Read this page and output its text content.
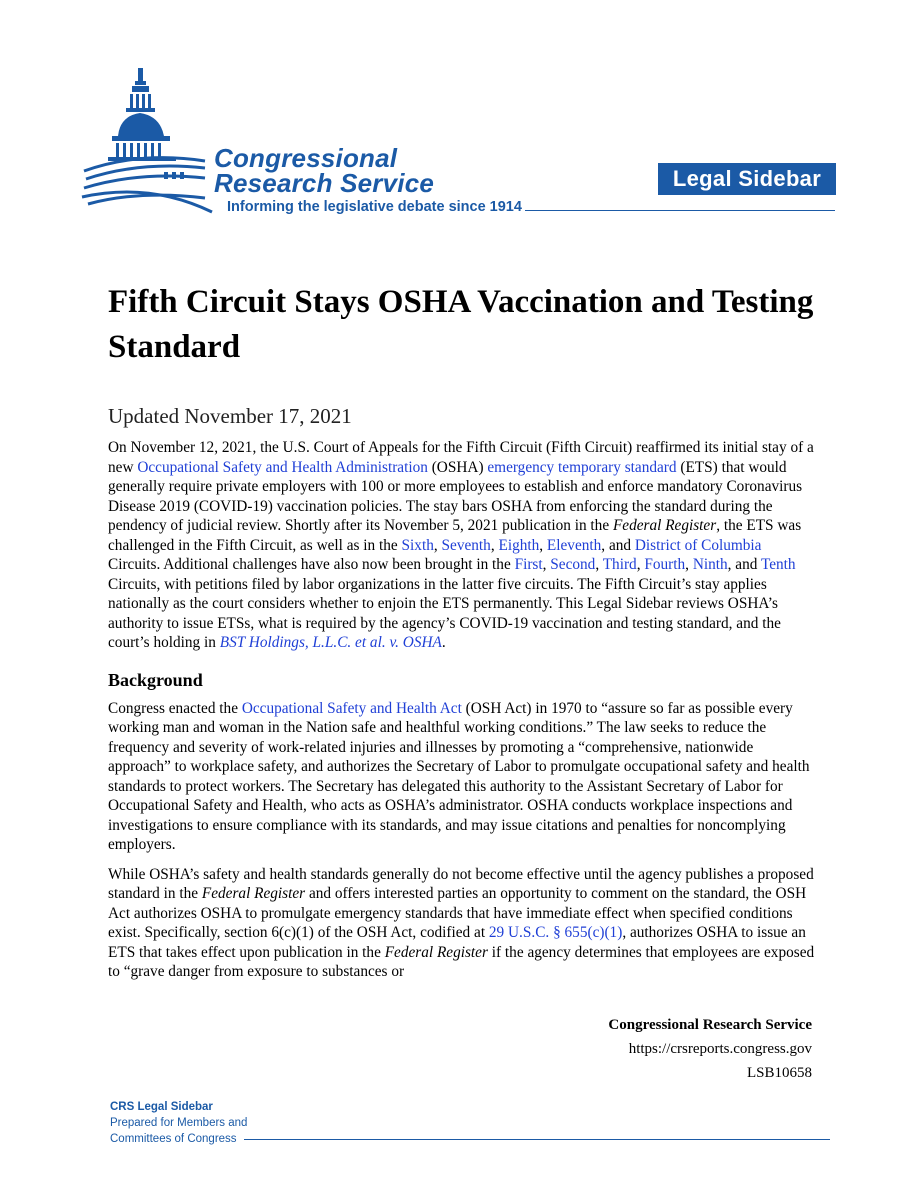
Congressional
Research Service
Informing the legislative debate since 1914
Legal Sidebar
Fifth Circuit Stays OSHA Vaccination and Testing Standard
Updated November 17, 2021

On November 12, 2021, the U.S. Court of Appeals for the Fifth Circuit (Fifth Circuit) reaffirmed its initial stay of a new Occupational Safety and Health Administration (OSHA) emergency temporary standard (ETS) that would generally require private employers with 100 or more employees to establish and enforce mandatory Coronavirus Disease 2019 (COVID-19) vaccination policies. The stay bars OSHA from enforcing the standard during the pendency of judicial review. Shortly after its November 5, 2021 publication in the Federal Register, the ETS was challenged in the Fifth Circuit, as well as in the Sixth, Seventh, Eighth, Eleventh, and District of Columbia Circuits. Additional challenges have also now been brought in the First, Second, Third, Fourth, Ninth, and Tenth Circuits, with petitions filed by labor organizations in the latter five circuits. The Fifth Circuit’s stay applies nationally as the court considers whether to enjoin the ETS permanently. This Legal Sidebar reviews OSHA’s authority to issue ETSs, what is required by the agency’s COVID-19 vaccination and testing standard, and the court’s holding in BST Holdings, L.L.C. et al. v. OSHA.

Background

Congress enacted the Occupational Safety and Health Act (OSH Act) in 1970 to “assure so far as possible every working man and woman in the Nation safe and healthful working conditions.” The law seeks to reduce the frequency and severity of work-related injuries and illnesses by promoting a “comprehensive, nationwide approach” to workplace safety, and authorizes the Secretary of Labor to promulgate occupational safety and health standards to protect workers. The Secretary has delegated this authority to the Assistant Secretary of Labor for Occupational Safety and Health, who acts as OSHA’s administrator. OSHA conducts workplace inspections and investigations to ensure compliance with its standards, and may issue citations and penalties for noncomplying employers.

While OSHA’s safety and health standards generally do not become effective until the agency publishes a proposed standard in the Federal Register and offers interested parties an opportunity to comment on the standard, the OSH Act authorizes OSHA to promulgate emergency standards that have immediate effect when specified conditions exist. Specifically, section 6(c)(1) of the OSH Act, codified at 29 U.S.C. § 655(c)(1), authorizes OSHA to issue an ETS that takes effect upon publication in the Federal Register if the agency determines that employees are exposed to “grave danger from exposure to substances or

Congressional Research Service
https://crsreports.congress.gov
LSB10658
CRS Legal Sidebar
Prepared for Members and
Committees of Congress
